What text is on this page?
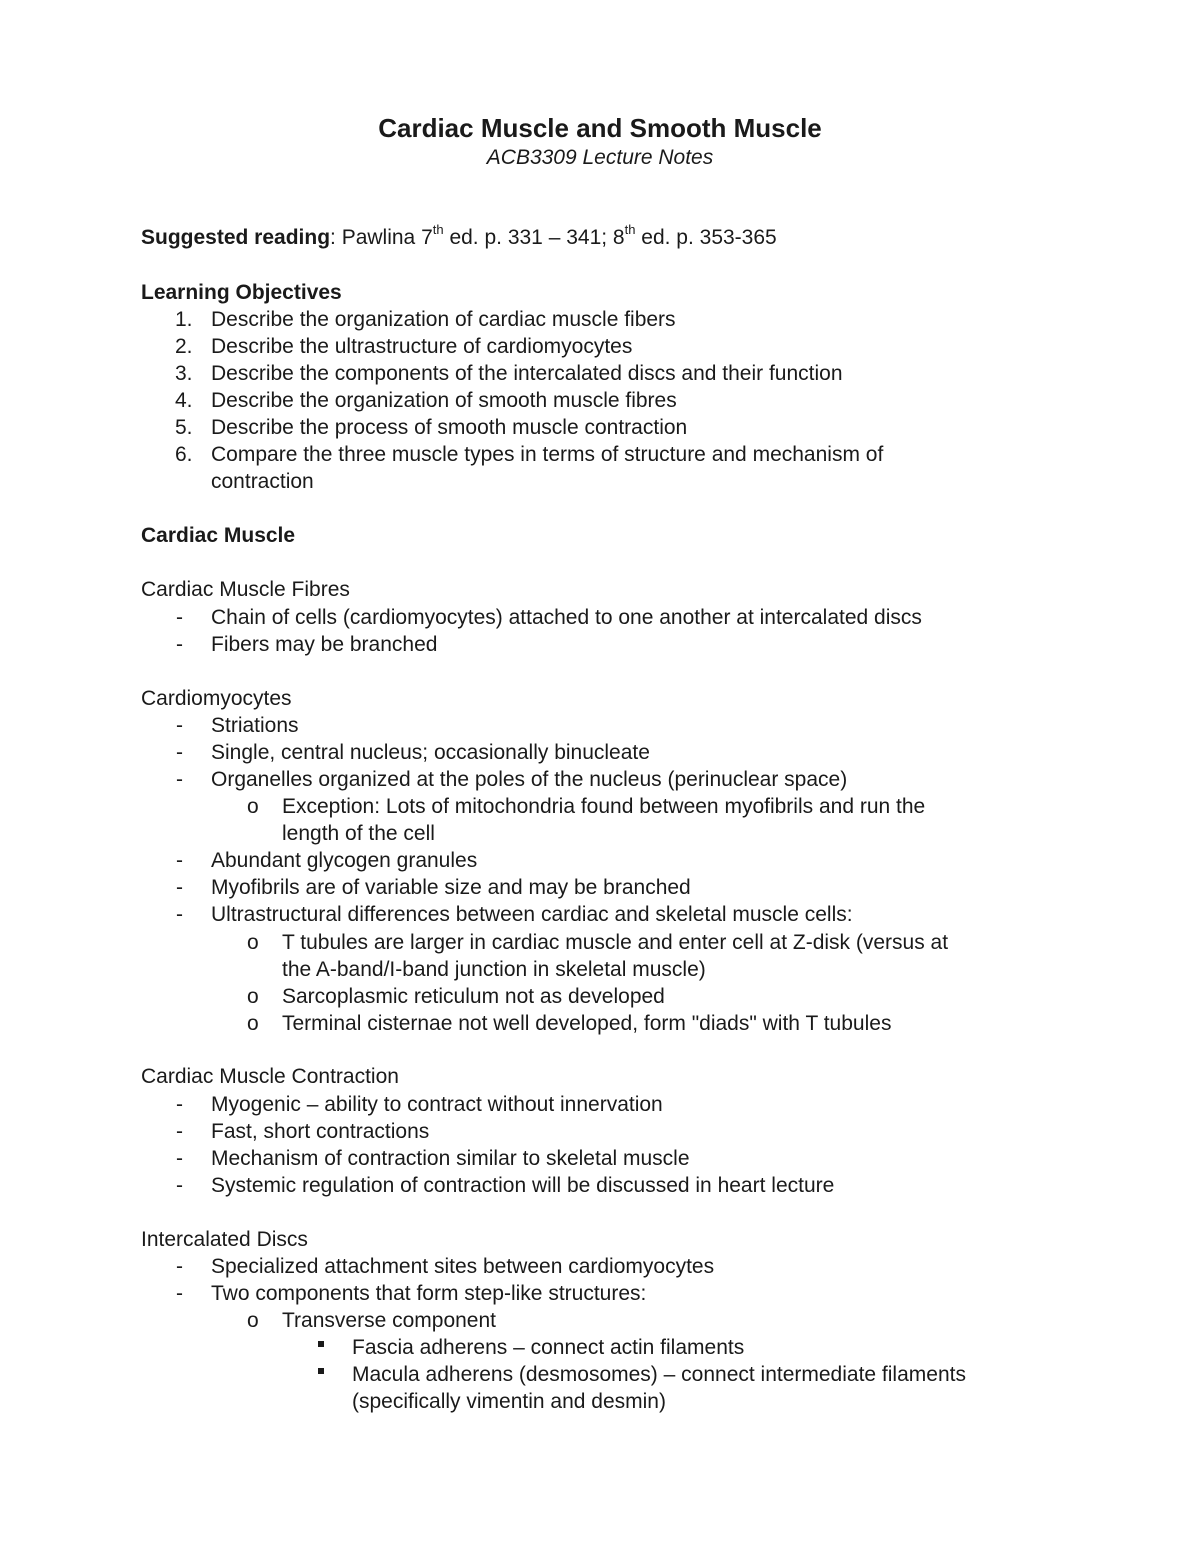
Cardiac Muscle and Smooth Muscle
ACB3309 Lecture Notes
Suggested reading: Pawlina 7th ed. p. 331 – 341; 8th ed. p. 353-365
Learning Objectives
1. Describe the organization of cardiac muscle fibers
2. Describe the ultrastructure of cardiomyocytes
3. Describe the components of the intercalated discs and their function
4. Describe the organization of smooth muscle fibres
5. Describe the process of smooth muscle contraction
6. Compare the three muscle types in terms of structure and mechanism of
contraction
Cardiac Muscle
Cardiac Muscle Fibres
- Chain of cells (cardiomyocytes) attached to one another at intercalated discs
- Fibers may be branched
Cardiomyocytes
- Striations
- Single, central nucleus; occasionally binucleate
- Organelles organized at the poles of the nucleus (perinuclear space)
o Exception: Lots of mitochondria found between myofibrils and run the
length of the cell
- Abundant glycogen granules
- Myofibrils are of variable size and may be branched
- Ultrastructural differences between cardiac and skeletal muscle cells:
o T tubules are larger in cardiac muscle and enter cell at Z-disk (versus at
the A-band/I-band junction in skeletal muscle)
o Sarcoplasmic reticulum not as developed
o Terminal cisternae not well developed, form "diads" with T tubules
Cardiac Muscle Contraction
- Myogenic – ability to contract without innervation
- Fast, short contractions
- Mechanism of contraction similar to skeletal muscle
- Systemic regulation of contraction will be discussed in heart lecture
Intercalated Discs
- Specialized attachment sites between cardiomyocytes
- Two components that form step-like structures:
o Transverse component
Fascia adherens – connect actin filaments
Macula adherens (desmosomes) – connect intermediate filaments
(specifically vimentin and desmin)
